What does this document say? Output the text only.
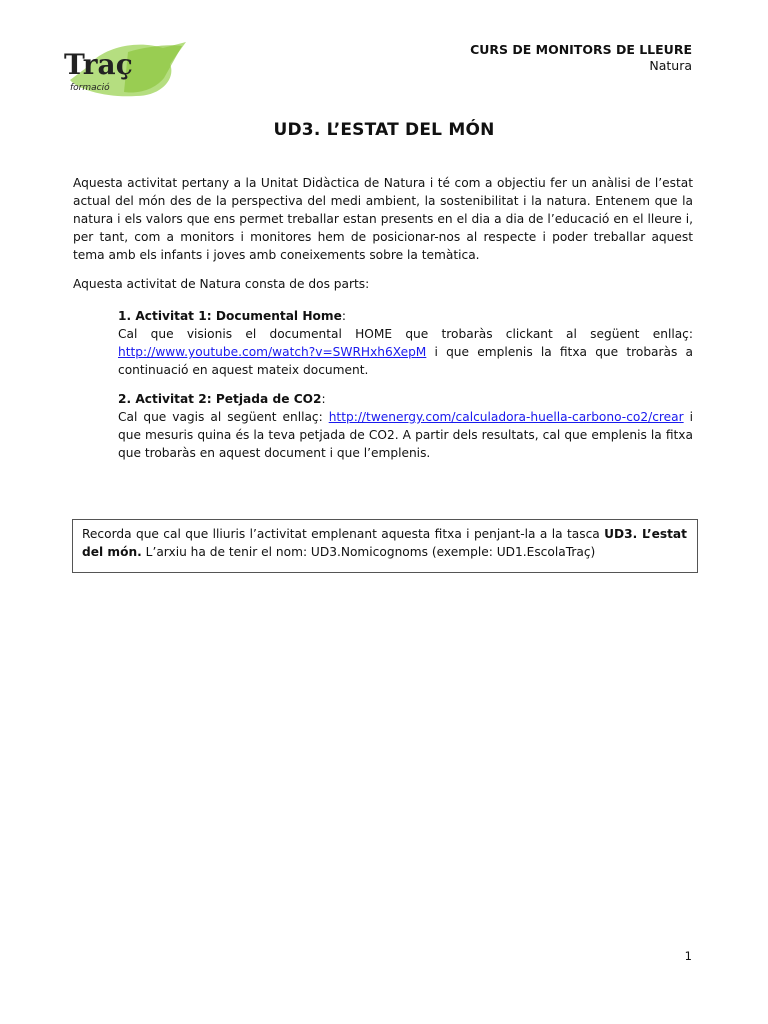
Traç
formació
CURS DE MONITORS DE LLEURE
Natura
UD3. L’ESTAT DEL MÓN

Aquesta activitat pertany a la Unitat Didàctica de Natura i té com a objectiu fer un anàlisi de l’estat actual del món des de la perspectiva del medi ambient, la sostenibilitat i la natura. Entenem que la natura i els valors que ens permet treballar estan presents en el dia a dia de l’educació en el lleure i, per tant, com a monitors i monitores hem de posicionar-nos al respecte i poder treballar aquest tema amb els infants i joves amb coneixements sobre la temàtica.

Aquesta activitat de Natura consta de dos parts:

1. Activitat 1: Documental Home:
Cal que visionis el documental HOME que trobaràs clickant al següent enllaç: http://www.youtube.com/watch?v=SWRHxh6XepM i que emplenis la fitxa que trobaràs a continuació en aquest mateix document.
2. Activitat 2: Petjada de CO2:
Cal que vagis al següent enllaç: http://twenergy.com/calculadora-huella-carbono-co2/crear i que mesuris quina és la teva petjada de CO2. A partir dels resultats, cal que emplenis la fitxa que trobaràs en aquest document i que l’emplenis.
Recorda que cal que lliuris l’activitat emplenant aquesta fitxa i penjant-la a la tasca UD3. L’estat del món. L’arxiu ha de tenir el nom: UD3.Nomicognoms (exemple: UD1.EscolaTraç)
1
